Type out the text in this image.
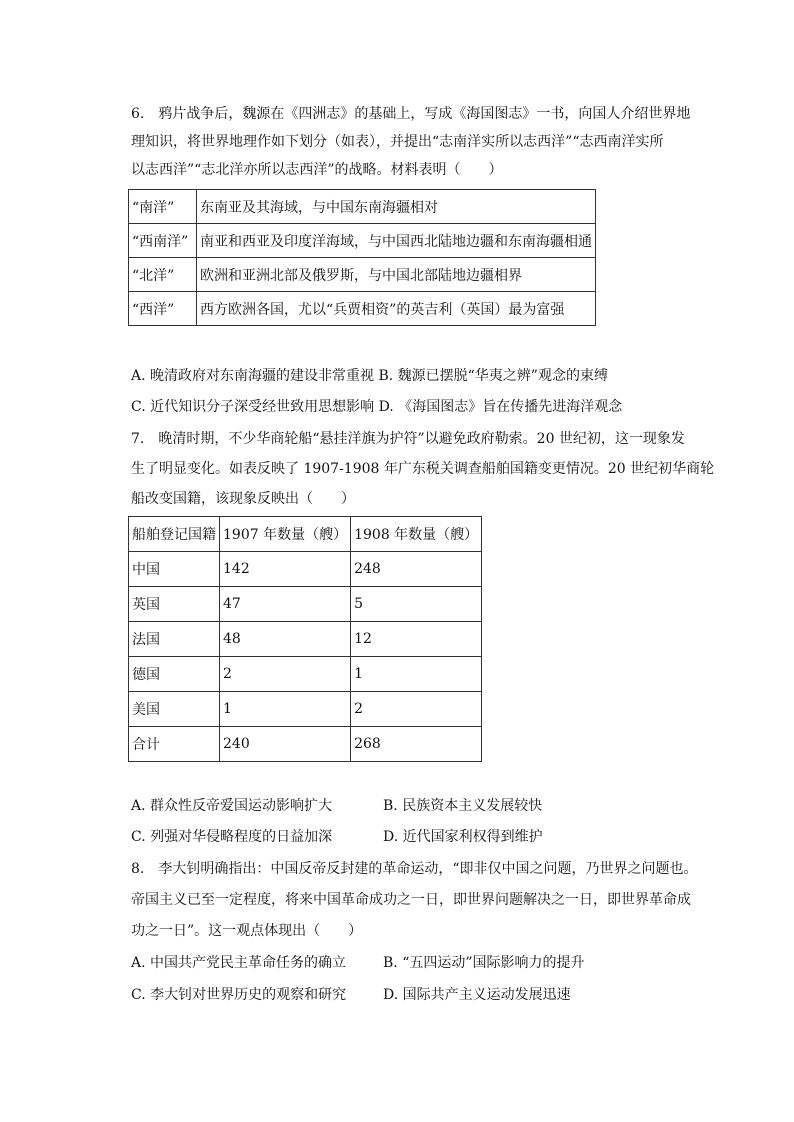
6.　鸦片战争后，魏源在《四洲志》的基础上，写成《海国图志》一书，向国人介绍世界地
理知识，将世界地理作如下划分（如表），并提出“志南洋实所以志西洋”“志西南洋实所
以志西洋”“志北洋亦所以志西洋”的战略。材料表明（　　）
“南洋”	东南亚及其海域，与中国东南海疆相对
“西南洋”	南亚和西亚及印度洋海域，与中国西北陆地边疆和东南海疆相通
“北洋”	欧洲和亚洲北部及俄罗斯，与中国北部陆地边疆相界
“西洋”	西方欧洲各国，尤以“兵贾相资”的英吉利（英国）最为富强
A. 晚清政府对东南海疆的建设非常重视 B. 魏源已摆脱“华夷之辨”观念的束缚
C. 近代知识分子深受经世致用思想影响 D. 《海国图志》旨在传播先进海洋观念
7.　晚清时期，不少华商轮船“悬挂洋旗为护符”以避免政府勒索。20 世纪初，这一现象发
生了明显变化。如表反映了 1907-1908 年广东税关调查船舶国籍变更情况。20 世纪初华商轮
船改变国籍，该现象反映出（　　）
船舶登记国籍	1907 年数量（艘）	1908 年数量（艘）
中国	142	248
英国	47	5
法国	48	12
德国	2	1
美国	1	2
合计	240	268
A. 群众性反帝爱国运动影响扩大	B. 民族资本主义发展较快
C. 列强对华侵略程度的日益加深	D. 近代国家利权得到维护
8.　李大钊明确指出：中国反帝反封建的革命运动，“即非仅中国之问题，乃世界之问题也。
帝国主义已至一定程度，将来中国革命成功之一日，即世界问题解决之一日，即世界革命成
功之一日”。这一观点体现出（　　）
A. 中国共产党民主革命任务的确立	B. “五四运动”国际影响力的提升
C. 李大钊对世界历史的观察和研究	D. 国际共产主义运动发展迅速
